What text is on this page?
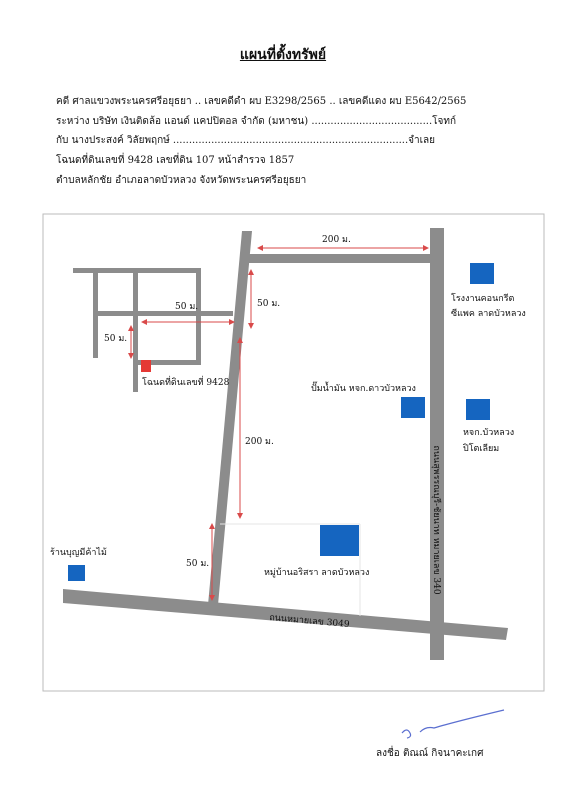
แผนที่ตั้งทรัพย์
คดี ศาลแขวงพระนครศรีอยุธยา .. เลขคดีดำ ผบ E3298/2565 .. เลขคดีแดง ผบ E5642/2565
ระหว่าง บริษัท เงินติดล้อ แอนด์ แคปปิตอล จำกัด (มหาชน) ......................................โจทก์
กับ นางประสงค์ วิลัยพฤกษ์ ..........................................................................จำเลย
โฉนดที่ดินเลขที่ 9428 เลขที่ดิน 107 หน้าสำรวจ 1857
ตำบลหลักชัย อำเภอลาดบัวหลวง จังหวัดพระนครศรีอยุธยา
200 ม.
50 ม.	50 ม.
50 ม.
200 ม.
50 ม.
โฉนดที่ดินเลขที่ 9428
โรงงานคอนกรีต
ซีแพค ลาดบัวหลวง
ปั๊มน้ำมัน หจก.ดาวบัวหลวง
หจก.บัวหลวง
ปิโตเลียม
หมู่บ้านอริสรา ลาดบัวหลวง
ร้านบุญมีค้าไม้
ถนนหมายเลข 3049
ถนนสุพรรณบุรี-ชัยนาท หมายเลข 340
ลงชื่อ ติณณ์ กิจนาคะเกศ
